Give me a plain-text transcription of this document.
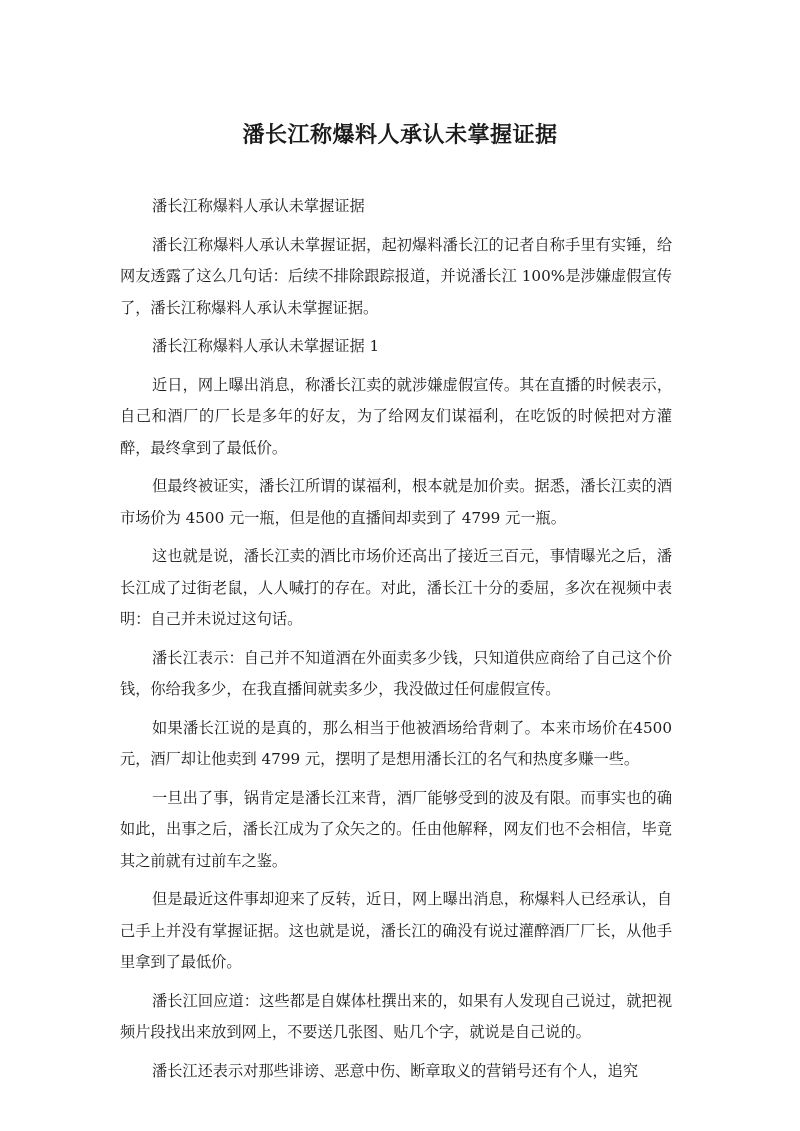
潘长江称爆料人承认未掌握证据

潘长江称爆料人承认未掌握证据

潘长江称爆料人承认未掌握证据，起初爆料潘长江的记者自称手里有实锤，给网友透露了这么几句话：后续不排除跟踪报道，并说潘长江 100%是涉嫌虚假宣传了，潘长江称爆料人承认未掌握证据。

潘长江称爆料人承认未掌握证据 1

近日，网上曝出消息，称潘长江卖的就涉嫌虚假宣传。其在直播的时候表示，自己和酒厂的厂长是多年的好友，为了给网友们谋福利，在吃饭的时候把对方灌醉，最终拿到了最低价。

但最终被证实，潘长江所谓的谋福利，根本就是加价卖。据悉，潘长江卖的酒市场价为 4500 元一瓶，但是他的直播间却卖到了 4799 元一瓶。

这也就是说，潘长江卖的酒比市场价还高出了接近三百元，事情曝光之后，潘长江成了过街老鼠，人人喊打的存在。对此，潘长江十分的委屈，多次在视频中表明：自己并未说过这句话。

潘长江表示：自己并不知道酒在外面卖多少钱，只知道供应商给了自己这个价钱，你给我多少，在我直播间就卖多少，我没做过任何虚假宣传。

如果潘长江说的是真的，那么相当于他被酒场给背刺了。本来市场价在4500 元，酒厂却让他卖到 4799 元，摆明了是想用潘长江的名气和热度多赚一些。

一旦出了事，锅肯定是潘长江来背，酒厂能够受到的波及有限。而事实也的确如此，出事之后，潘长江成为了众矢之的。任由他解释，网友们也不会相信，毕竟其之前就有过前车之鉴。

但是最近这件事却迎来了反转，近日，网上曝出消息，称爆料人已经承认，自己手上并没有掌握证据。这也就是说，潘长江的确没有说过灌醉酒厂厂长，从他手里拿到了最低价。

潘长江回应道：这些都是自媒体杜撰出来的，如果有人发现自己说过，就把视频片段找出来放到网上，不要送几张图、贴几个字，就说是自己说的。

潘长江还表示对那些诽谤、恶意中伤、断章取义的营销号还有个人，追究
